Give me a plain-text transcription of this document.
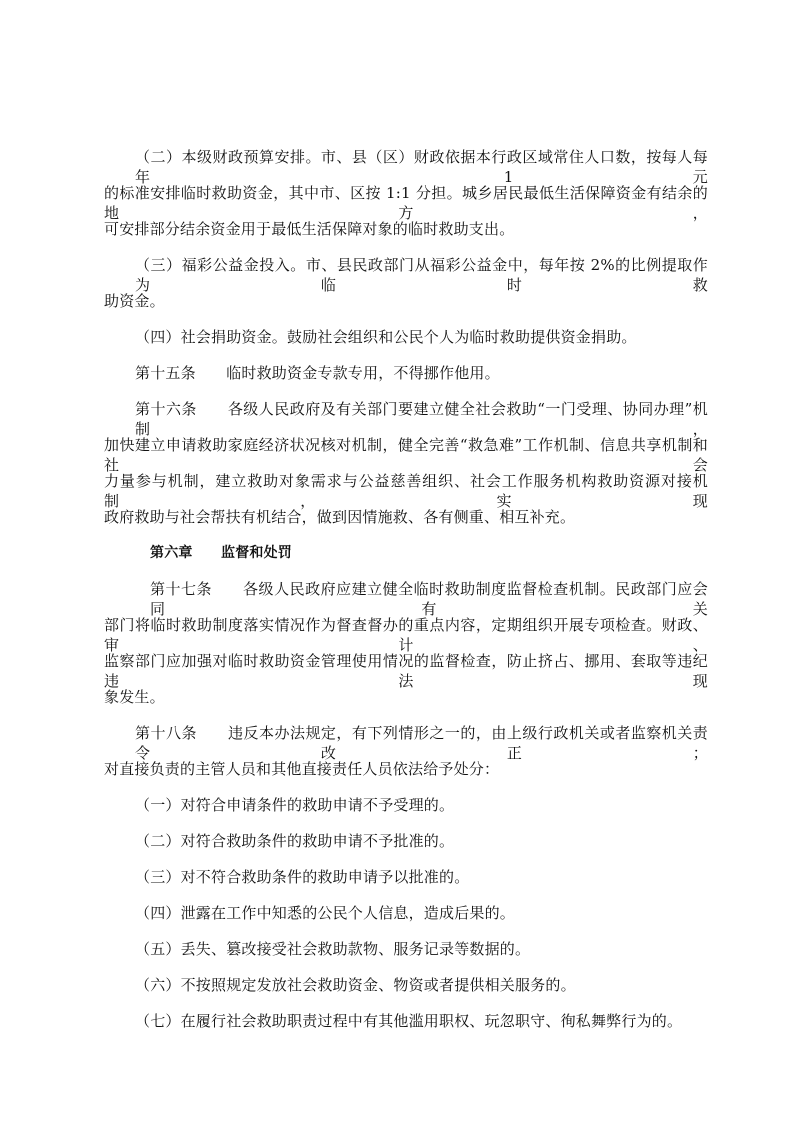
（二）本级财政预算安排。市、县（区）财政依据本行政区域常住人口数，按每人每年 1 元
的标准安排临时救助资金，其中市、区按 1:1 分担。城乡居民最低生活保障资金有结余的地方，
可安排部分结余资金用于最低生活保障对象的临时救助支出。
（三）福彩公益金投入。市、县民政部门从福彩公益金中，每年按 2%的比例提取作为临时救
助资金。
（四）社会捐助资金。鼓励社会组织和公民个人为临时救助提供资金捐助。
第十五条　　临时救助资金专款专用，不得挪作他用。
第十六条　　各级人民政府及有关部门要建立健全社会救助“一门受理、协同办理”机制，
加快建立申请救助家庭经济状况核对机制，健全完善“救急难”工作机制、信息共享机制和社会
力量参与机制，建立救助对象需求与公益慈善组织、社会工作服务机构救助资源对接机制，实现
政府救助与社会帮扶有机结合，做到因情施救、各有侧重、相互补充。
第六章　　监督和处罚
第十七条　　各级人民政府应建立健全临时救助制度监督检查机制。民政部门应会同有关
部门将临时救助制度落实情况作为督查督办的重点内容，定期组织开展专项检查。财政、审计、
监察部门应加强对临时救助资金管理使用情况的监督检查，防止挤占、挪用、套取等违纪违法现
象发生。
第十八条　　违反本办法规定，有下列情形之一的，由上级行政机关或者监察机关责令改正；
对直接负责的主管人员和其他直接责任人员依法给予处分：
（一）对符合申请条件的救助申请不予受理的。
（二）对符合救助条件的救助申请不予批准的。
（三）对不符合救助条件的救助申请予以批准的。
（四）泄露在工作中知悉的公民个人信息，造成后果的。
（五）丢失、篡改接受社会救助款物、服务记录等数据的。
（六）不按照规定发放社会救助资金、物资或者提供相关服务的。
（七）在履行社会救助职责过程中有其他滥用职权、玩忽职守、徇私舞弊行为的。
